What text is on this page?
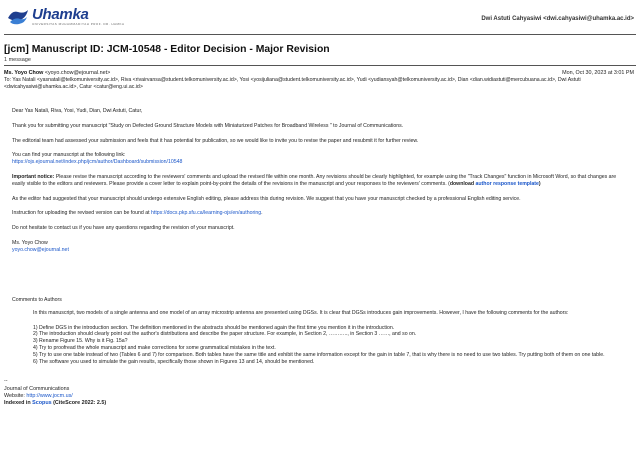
Uhamka
UNIVERSITAS MUHAMMADIYAH PROF. DR. HAMKA
Dwi Astuti Cahyasiwi <dwi.cahyasiwi@uhamka.ac.id>
[jcm] Manuscript ID: JCM-10548 - Editor Decision - Major Revision
1 message
Ms. Yoyo Chow <yoyo.chow@ejournal.net>	Mon, Oct 30, 2023 at 3:01 PM
To: Yas Natali <yasnatali@telkomuniversity.ac.id>, Riva <rivairvansa@student.telkomuniversity.ac.id>, Yosi <yosijuliana@student.telkomuniversity.ac.id>, Yudi <yudiansyah@telkomuniversity.ac.id>, Dian <dian.widiastuti@mercubuana.ac.id>, Dwi Astuti <dwicahyasiwi@uhamka.ac.id>, Catur <catur@eng.ui.ac.id>

Dear Yas Natali, Riva, Yosi, Yudi, Dian, Dwi Astuti, Catur,

Thank you for submitting your manuscript "Study on Defected Ground Stracture Models with Miniaturized Patches for Broadband Wireless " to Journal of Communications.

The editorial team had assessed your submission and feels that it has potential for publication, so we would like to invite you to revise the paper and resubmit it for further review.

You can find your manuscript at the following link:
https://ojs.ejournal.net/index.php/jcm/author/Dashboard/submission/10548

Important notice: Please revise the manuscript according to the reviewers' comments and upload the revised file within one month. Any revisions should be clearly highlighted, for example using the "Track Changes" function in Microsoft Word, so that changes are easily visible to the editors and reviewers. Please provide a cover letter to explain point-by-point the details of the revisions in the manuscript and your responses to the reviewers' comments. (download author response template)

As the editor had suggested that your manuscript should undergo extensive English editing, please address this during revision. We suggest that you have your manuscript checked by a professional English editing service.

Instruction for uploading the revised version can be found at https://docs.pkp.sfu.ca/learning-ojs/en/authoring.

Do not hesitate to contact us if you have any questions regarding the revision of your manuscript.

Ms. Yoyo Chow
yoyo.chow@ejournal.net

Comments to Authors
In this manuscript, two models of a single antenna and one model of an array microstrip antenna are presented using DGSs. It is clear that DGSs introduces gain improvements. However, I have the following comments for the authors:
1) Define DGS in the introduction section. The definition mentioned in the abstracts should be mentioned again the first time you mention it in the introduction.
2) The introduction should clearly point out the author's distributions and describe the paper structure. For example, in Section 2, ……….., in Section 3 ……, and so on.
3) Rename Figure 15. Why is it Fig. 15a?
4) Try to proofread the whole manuscript and make corrections for some grammatical mistakes in the text.
5) Try to use one table instead of two (Tables 6 and 7) for comparison. Both tables have the same title and exhibit the same information except for the gain in table 7, that is why there is no need to use two tables. Try putting both of them on one table.
6) The software you used to simulate the gain results, specifically those shown in Figures 13 and 14, should be mentioned.
--
Journal of Communications
Website: http://www.jocm.us/
Indexed in Scopus (CiteScore 2022: 2.5)
